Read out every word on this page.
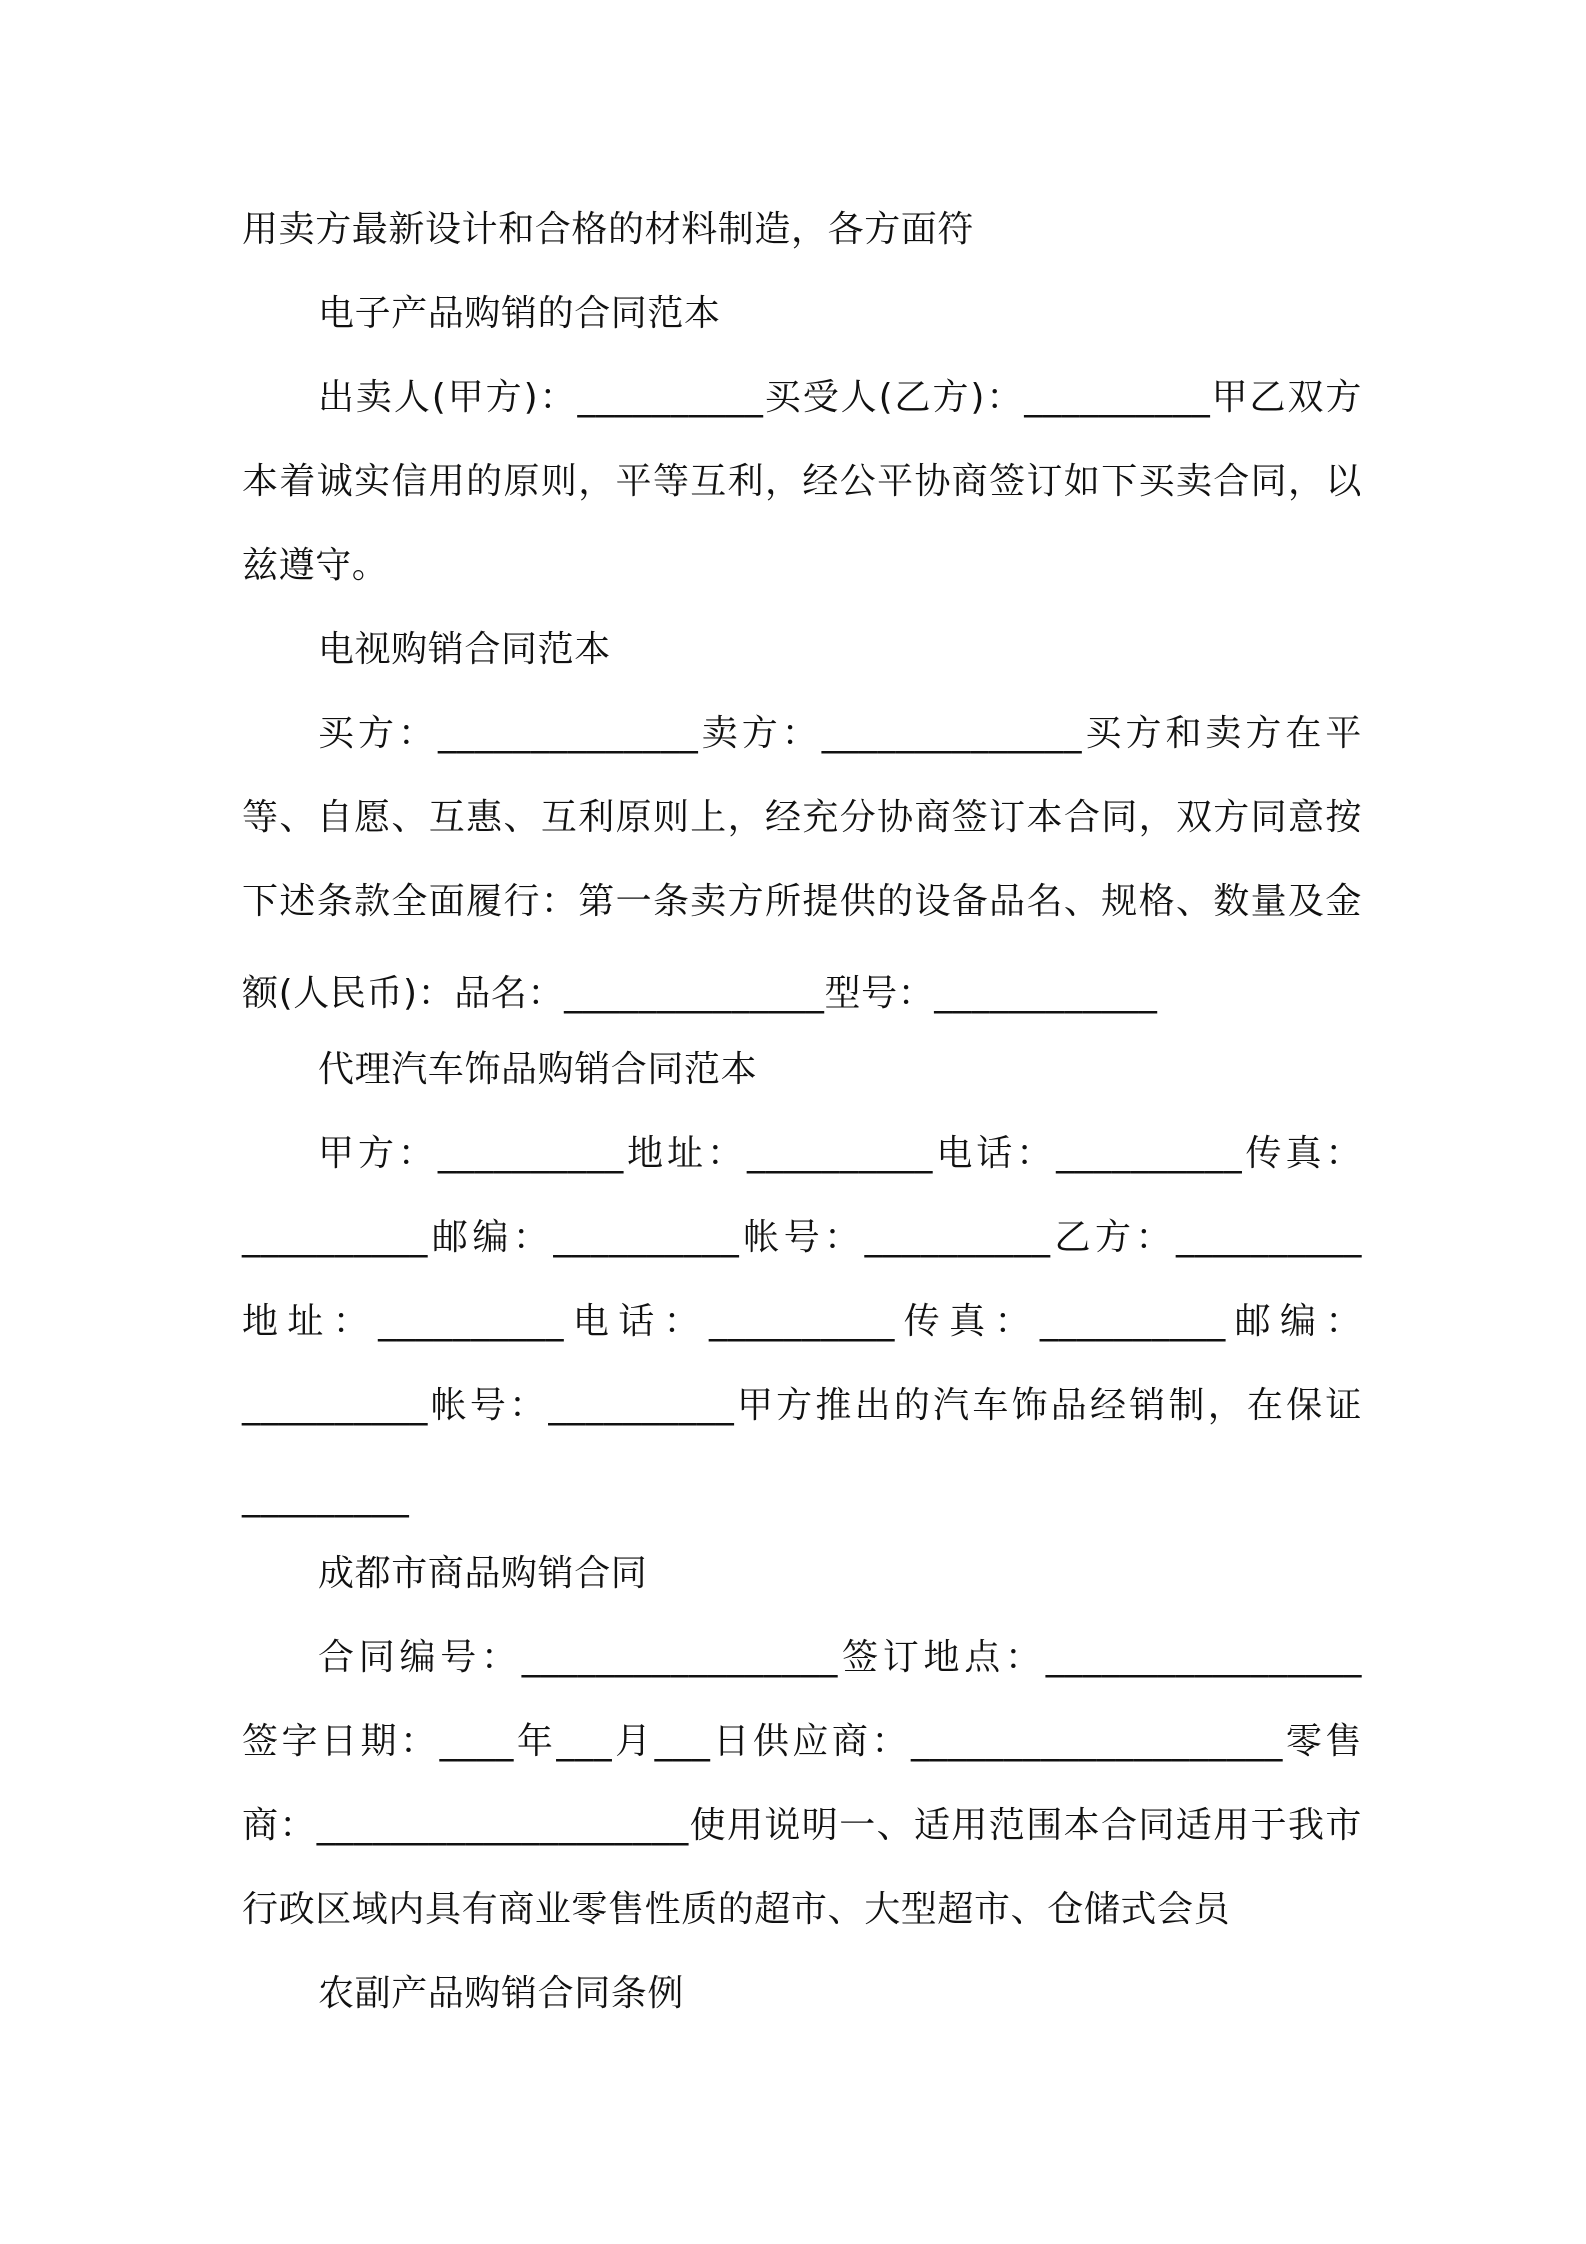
用卖方最新设计和合格的材料制造，各方面符
电子产品购销的合同范本
出卖人(甲方)：__________买受人(乙方)：__________甲乙双方
本着诚实信用的原则，平等互利，经公平协商签订如下买卖合同，以
兹遵守。
电视购销合同范本
买方：______________卖方：______________买方和卖方在平
等、自愿、互惠、互利原则上，经充分协商签订本合同，双方同意按
下述条款全面履行：第一条卖方所提供的设备品名、规格、数量及金
额(人民币)：品名：______________型号：____________
代理汽车饰品购销合同范本
甲方：__________地址：__________电话：__________传真：
__________邮编：__________帐号：__________乙方：__________
地址：__________电话：__________传真：__________邮编：
__________帐号：__________甲方推出的汽车饰品经销制，在保证
_________
成都市商品购销合同
合同编号：_________________签订地点：_________________
签字日期：____年___月___日供应商：____________________零售
商：____________________使用说明一、适用范围本合同适用于我市
行政区域内具有商业零售性质的超市、大型超市、仓储式会员
农副产品购销合同条例
